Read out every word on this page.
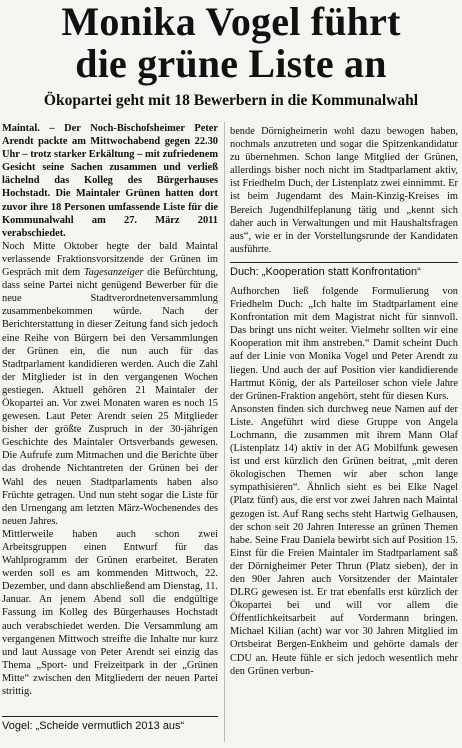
Monika Vogel führt
die grüne Liste an
Ökopartei geht mit 18 Bewerbern in die Kommunalwahl

Maintal. – Der Noch-Bischofsheimer Peter Arendt packte am Mittwochabend gegen 22.30 Uhr – trotz starker Erkältung – mit zufriedenem Gesicht seine Sachen zusammen und verließ lächelnd das Kolleg des Bürgerhauses Hochstadt. Die Maintaler Grünen hatten dort zuvor ihre 18 Personen umfassende Liste für die Kommunalwahl am 27. März 2011 verabschiedet.

Noch Mitte Oktober hegte der bald Maintal verlassende Fraktionsvorsitzende der Grünen im Gespräch mit dem Tagesanzeiger die Befürchtung, dass seine Partei nicht genügend Bewerber für die neue Stadtverordnetenversammlung zusammenbekommen würde. Nach der Berichterstattung in dieser Zeitung fand sich jedoch eine Reihe von Bürgern bei den Versammlungen der Grünen ein, die nun auch für das Stadtparlament kandidieren werden. Auch die Zahl der Mitglieder ist in den vergangenen Wochen gestiegen. Aktuell gehören 21 Maintaler der Ökopartei an. Vor zwei Monaten waren es noch 15 gewesen. Laut Peter Arendt seien 25 Mitglieder bisher der größte Zuspruch in der 30-jährigen Geschichte des Maintaler Ortsverbands gewesen. Die Aufrufe zum Mitmachen und die Berichte über das drohende Nichtantreten der Grünen bei der Wahl des neuen Stadtparlaments haben also Früchte getragen. Und nun steht sogar die Liste für den Urnengang am letzten März-Wochenendes des neuen Jahres.

Mittlerweile haben auch schon zwei Arbeitsgruppen einen Entwurf für das Wahlprogramm der Grünen erarbeitet. Beraten werden soll es am kommenden Mittwoch, 22. Dezember, und dann abschließend am Dienstag, 11. Januar. An jenem Abend soll die endgültige Fassung im Kolleg des Bürgerhauses Hochstadt auch verabschiedet werden. Die Versammlung am vergangenen Mittwoch streifte die Inhalte nur kurz und laut Aussage von Peter Arendt sei einzig das Thema „Sport- und Freizeitpark in der „Grünen Mitte“ zwischen den Mitgliedern der neuen Partei strittig.

Vogel: „Scheide vermutlich 2013 aus“

bende Dörnigheimerin wohl dazu bewogen haben, nochmals anzutreten und sogar die Spitzenkandidatur zu übernehmen. Schon lange Mitglied der Grünen, allerdings bisher noch nicht im Stadtparlament aktiv, ist Friedhelm Duch, der Listenplatz zwei einnimmt. Er ist beim Jugendamt des Main-Kinzig-Kreises im Bereich Jugendhilfeplanung tätig und „kennt sich daher auch in Verwaltungen und mit Haushaltsfragen aus“, wie er in der Vorstellungsrunde der Kandidaten ausführte.

Duch: „Kooperation statt Konfrontation“

Aufhorchen ließ folgende Formulierung von Friedhelm Duch: „Ich halte im Stadtparlament eine Konfrontation mit dem Magistrat nicht für sinnvoll. Das bringt uns nicht weiter. Vielmehr sollten wir eine Kooperation mit ihm anstreben.“ Damit scheint Duch auf der Linie von Monika Vogel und Peter Arendt zu liegen. Und auch der auf Position vier kandidierende Hartmut König, der als Parteiloser schon viele Jahre der Grünen-Fraktion angehört, steht für diesen Kurs.

Ansonsten finden sich durchweg neue Namen auf der Liste. Angeführt wird diese Gruppe von Angela Lochmann, die zusammen mit ihrem Mann Olaf (Listenplatz 14) aktiv in der AG Mobilfunk gewesen ist und erst kürzlich den Grünen beitrat, „mit deren ökologischen Themen wir aber schon lange sympathisieren“. Ähnlich sieht es bei Elke Nagel (Platz fünf) aus, die erst vor zwei Jahren nach Maintal gezogen ist. Auf Rang sechs steht Hartwig Gelhausen, der schon seit 20 Jahren Interesse an grünen Themen habe. Seine Frau Daniela bewirbt sich auf Position 15. Einst für die Freien Maintaler im Stadtparlament saß der Dörnigheimer Peter Thrun (Platz sieben), der in den 90er Jahren auch Vorsitzender der Maintaler DLRG gewesen ist. Er trat ebenfalls erst kürzlich der Ökopartei bei und will vor allem die Öffentlichkeitsarbeit auf Vordermann bringen. Michael Kilian (acht) war vor 30 Jahren Mitglied im Ortsbeirat Bergen-Enkheim und gehörte damals der CDU an. Heute fühle er sich jedoch wesentlich mehr den Grünen verbun-
